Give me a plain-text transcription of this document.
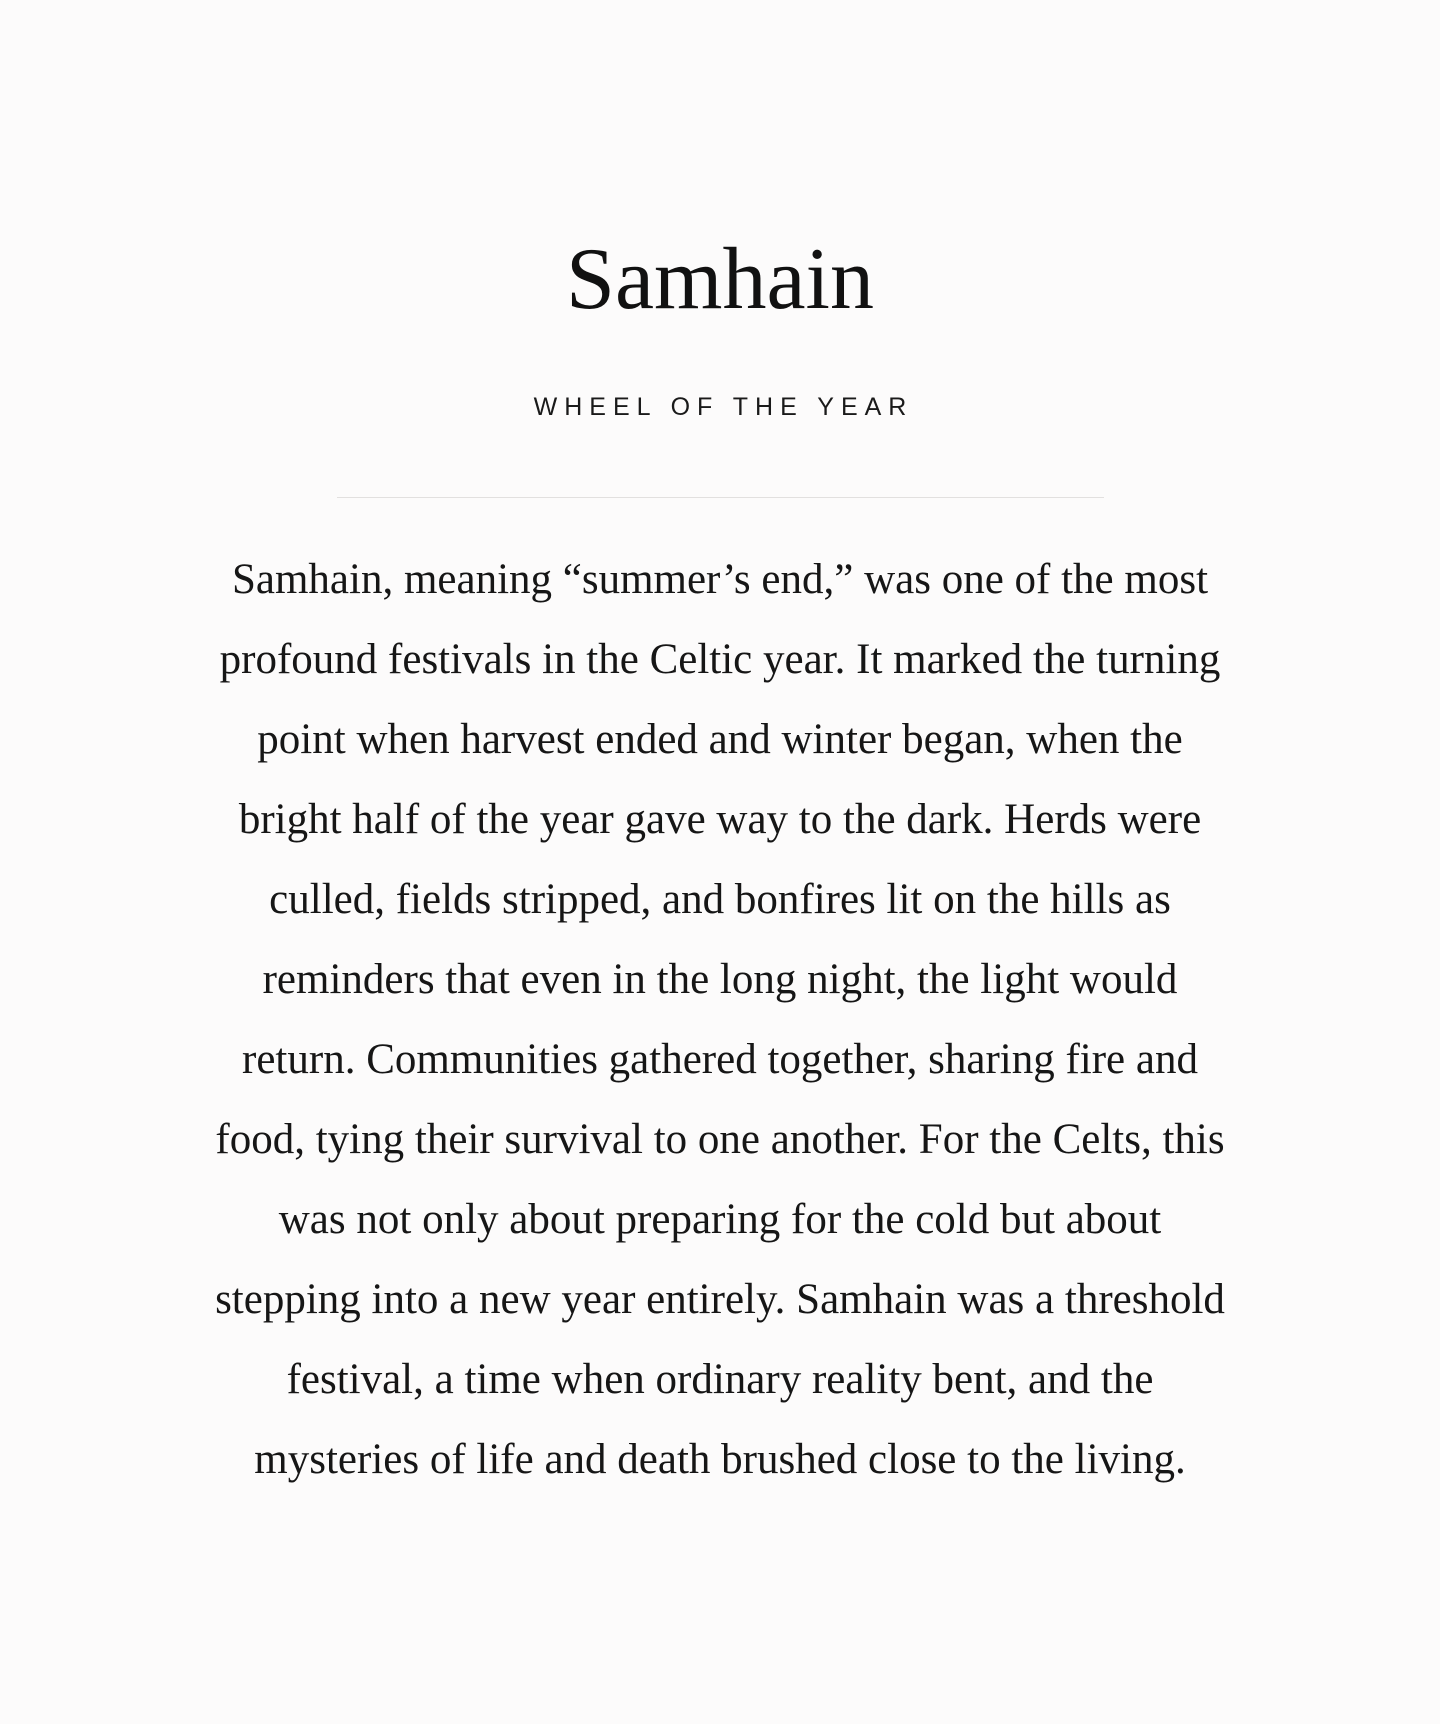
Samhain
WHEEL OF THE YEAR

Samhain, meaning “summer’s end,” was one of the most
profound festivals in the Celtic year. It marked the turning
point when harvest ended and winter began, when the
bright half of the year gave way to the dark. Herds were
culled, fields stripped, and bonfires lit on the hills as
reminders that even in the long night, the light would
return. Communities gathered together, sharing fire and
food, tying their survival to one another. For the Celts, this
was not only about preparing for the cold but about
stepping into a new year entirely. Samhain was a threshold
festival, a time when ordinary reality bent, and the
mysteries of life and death brushed close to the living.
